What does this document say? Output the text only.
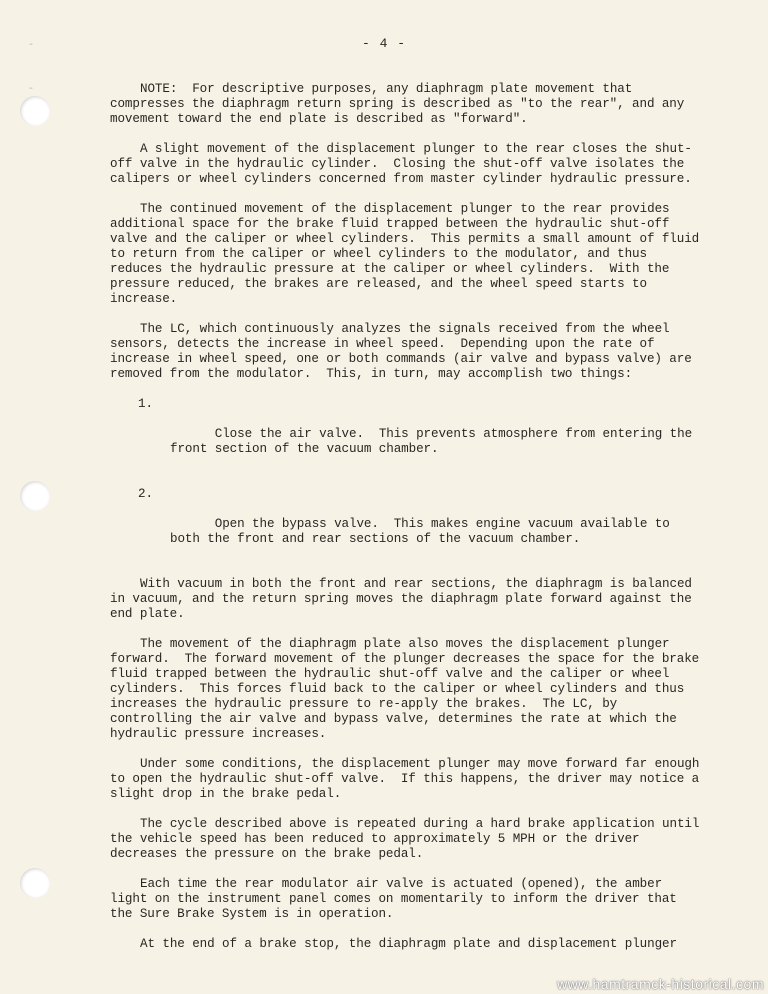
-
-
- 4 -

NOTE:  For descriptive purposes, any diaphragm plate movement that compresses the diaphragm return spring is described as "to the rear", and any movement toward the end plate is described as "forward".

A slight movement of the displacement plunger to the rear closes the shut-off valve in the hydraulic cylinder.  Closing the shut-off valve isolates the calipers or wheel cylinders concerned from master cylinder hydraulic pressure.

The continued movement of the displacement plunger to the rear provides additional space for the brake fluid trapped between the hydraulic shut-off valve and the caliper or wheel cylinders.  This permits a small amount of fluid to return from the caliper or wheel cylinders to the modulator, and thus reduces the hydraulic pressure at the caliper or wheel cylinders.  With the pressure reduced, the brakes are released, and the wheel speed starts to increase.

The LC, which continuously analyzes the signals received from the wheel sensors, detects the increase in wheel speed.  Depending upon the rate of increase in wheel speed, one or both commands (air valve and bypass valve) are removed from the modulator.  This, in turn, may accomplish two things:

1.

Close the air valve.  This prevents atmosphere from entering the front section of the vacuum chamber.

2.

Open the bypass valve.  This makes engine vacuum available to both the front and rear sections of the vacuum chamber.

With vacuum in both the front and rear sections, the diaphragm is balanced in vacuum, and the return spring moves the diaphragm plate forward against the end plate.

The movement of the diaphragm plate also moves the displacement plunger forward.  The forward movement of the plunger decreases the space for the brake fluid trapped between the hydraulic shut-off valve and the caliper or wheel cylinders.  This forces fluid back to the caliper or wheel cylinders and thus increases the hydraulic pressure to re-apply the brakes.  The LC, by controlling the air valve and bypass valve, determines the rate at which the hydraulic pressure increases.

Under some conditions, the displacement plunger may move forward far enough to open the hydraulic shut-off valve.  If this happens, the driver may notice a slight drop in the brake pedal.

The cycle described above is repeated during a hard brake application until the vehicle speed has been reduced to approximately 5 MPH or the driver decreases the pressure on the brake pedal.

Each time the rear modulator air valve is actuated (opened), the amber light on the instrument panel comes on momentarily to inform the driver that the Sure Brake System is in operation.

At the end of a brake stop, the diaphragm plate and displacement plunger

www.hamtramck-historical.com
